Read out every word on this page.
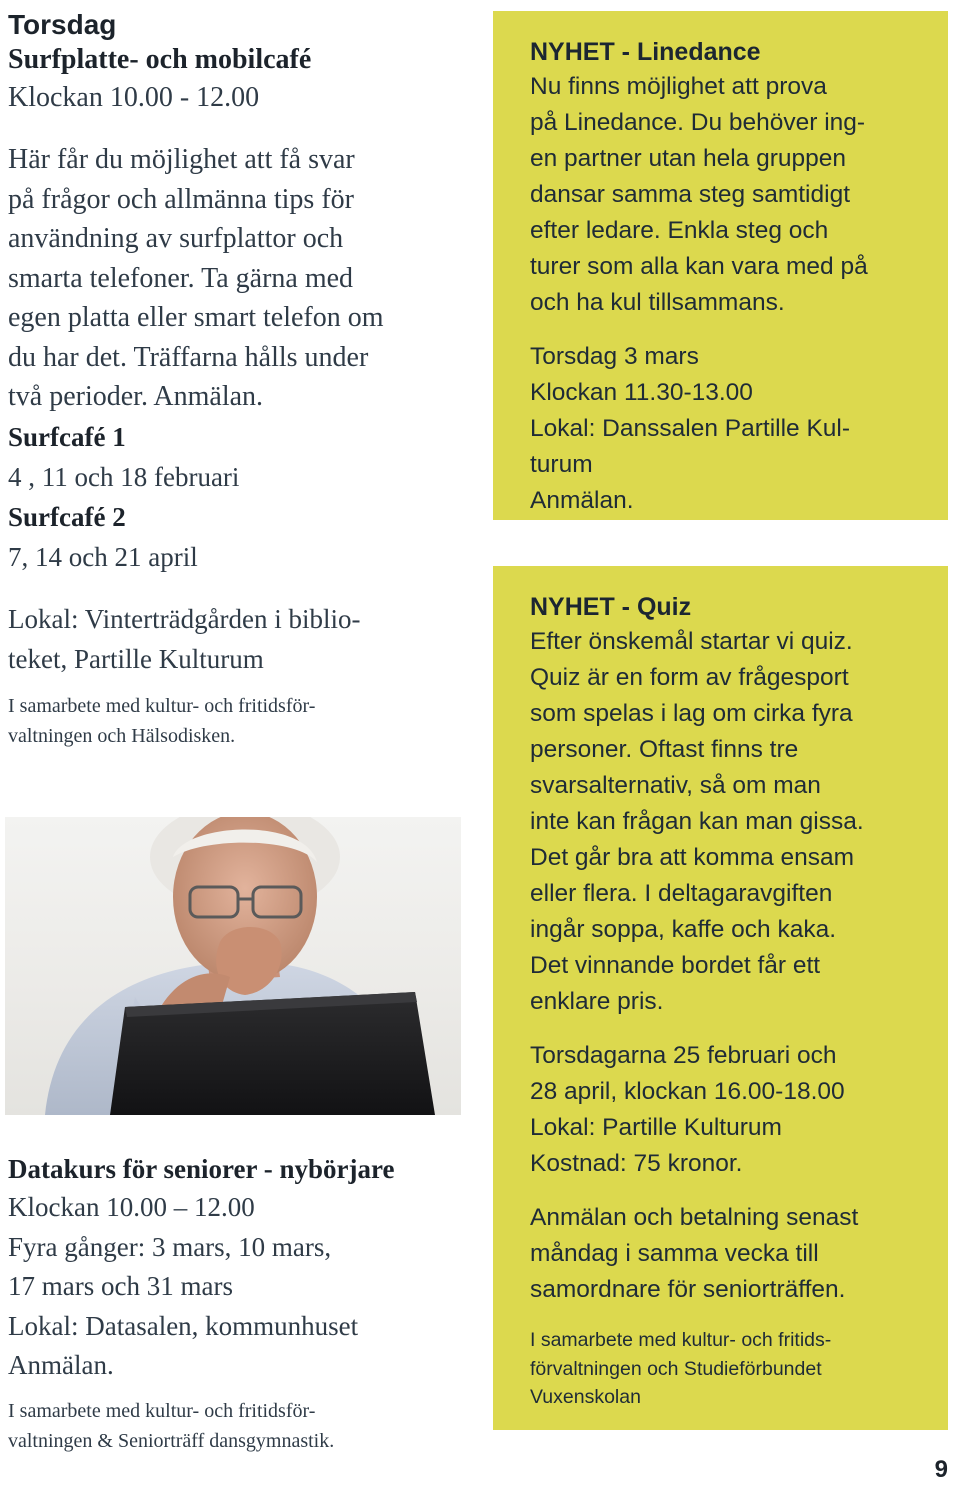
Torsdag
Surfplatte- och mobilcafé

Klockan 10.00 - 12.00

Här får du möjlighet att få svar
på frågor och allmänna tips för
användning av surfplattor och
smarta telefoner. Ta gärna med
egen platta eller smart telefon om
du har det. Träffarna hålls under
två perioder. Anmälan.

Surfcafé 1

4 , 11 och 18 februari

Surfcafé 2

7, 14 och 21 april

Lokal: Vinterträdgården i biblio-
teket, Partille Kulturum

I samarbete med kultur- och fritidsför-
valtningen och Hälsodisken.

Datakurs för seniorer - nybörjare

Klockan 10.00 – 12.00

Fyra gånger: 3 mars, 10 mars,

17 mars och 31 mars

Lokal: Datasalen, kommunhuset

Anmälan.

I samarbete med kultur- och fritidsför-
valtningen & Seniorträff dansgymnastik.

NYHET - Linedance

Nu finns möjlighet att prova
på Linedance. Du behöver ing-
en partner utan hela gruppen
dansar samma steg samtidigt
efter ledare. Enkla steg och
turer som alla kan vara med på
och ha kul tillsammans.

Torsdag 3 mars
Klockan 11.30-13.00
Lokal: Danssalen Partille Kul-
turum
Anmälan.

NYHET - Quiz

Efter önskemål startar vi quiz.
Quiz är en form av frågesport
som spelas i lag om cirka fyra
personer. Oftast finns tre
svarsalternativ, så om man
inte kan frågan kan man gissa.
Det går bra att komma ensam
eller flera. I deltagaravgiften
ingår soppa, kaffe och kaka.
Det vinnande bordet får ett
enklare pris.

Torsdagarna 25 februari och
28 april, klockan 16.00-18.00
Lokal: Partille Kulturum
Kostnad: 75 kronor.

Anmälan och betalning senast
måndag i samma vecka till
samordnare för seniorträffen.

I samarbete med kultur- och fritids-
förvaltningen och Studieförbundet
Vuxenskolan

9
